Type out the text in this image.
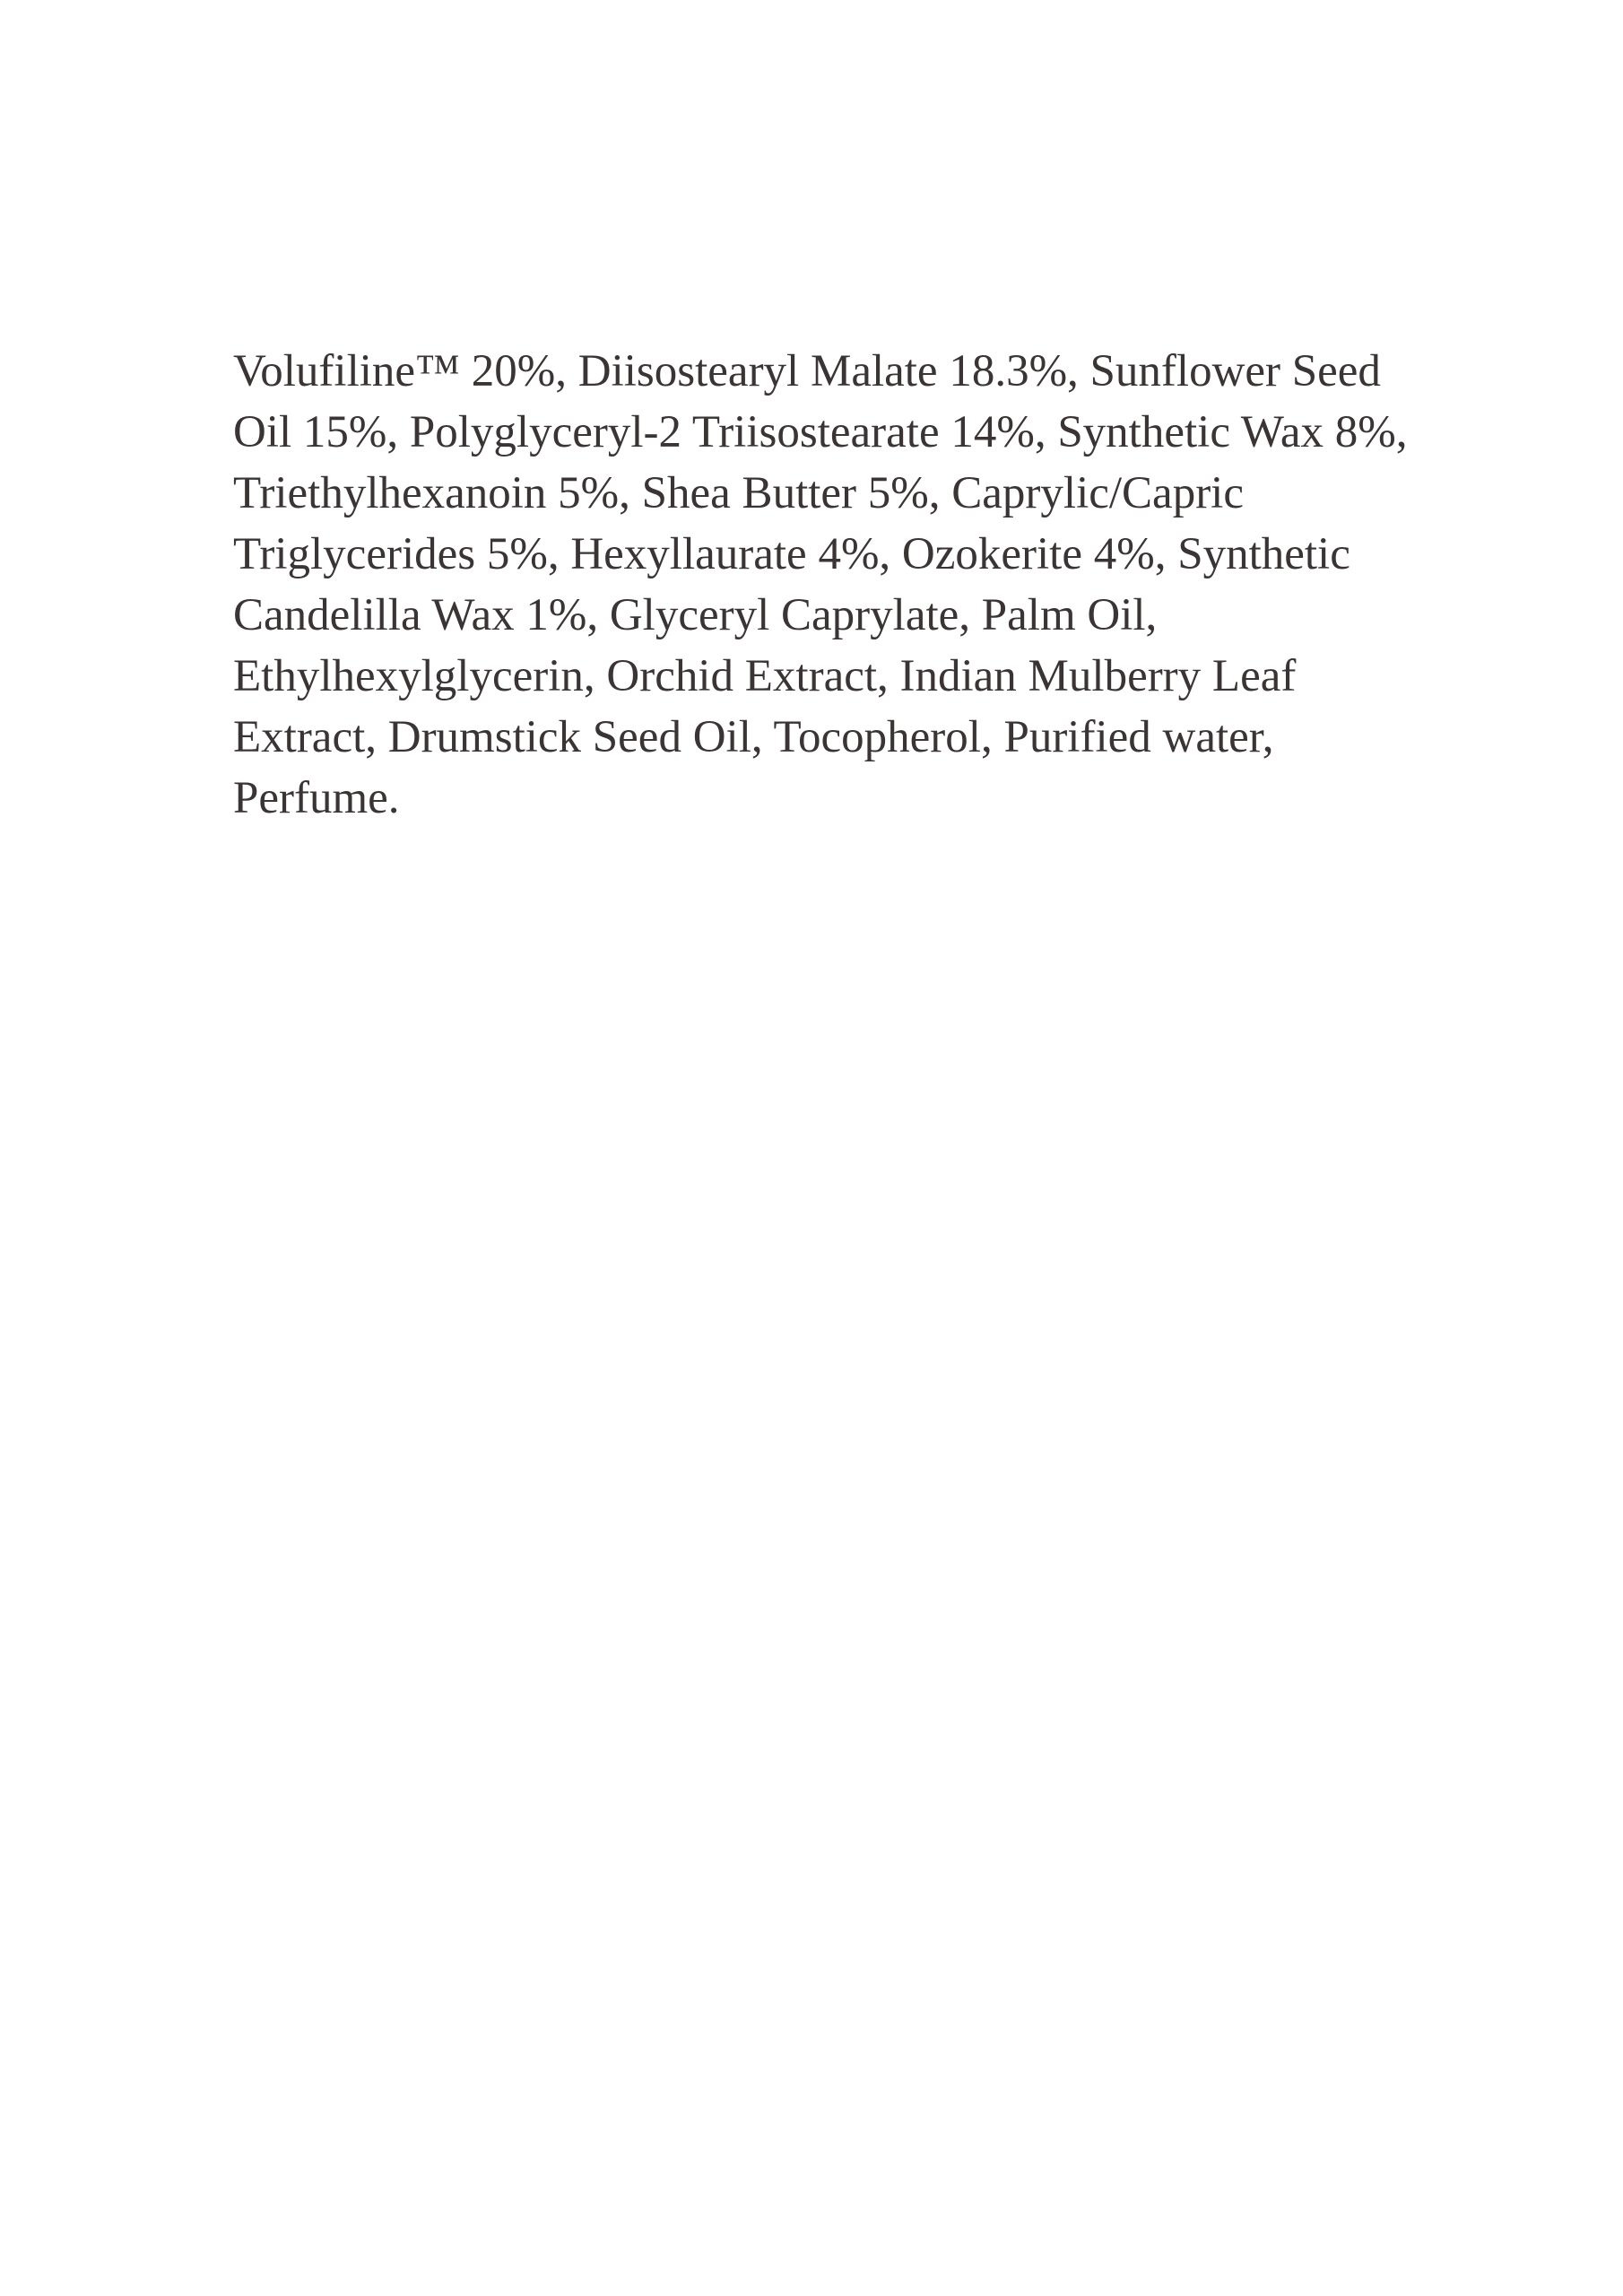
Volufiline™ 20%, Diisostearyl Malate 18.3%, Sunflower Seed
Oil 15%, Polyglyceryl-2 Triisostearate 14%, Synthetic Wax 8%,
Triethylhexanoin 5%, Shea Butter 5%, Caprylic/Capric
Triglycerides 5%, Hexyllaurate 4%, Ozokerite 4%, Synthetic
Candelilla Wax 1%, Glyceryl Caprylate, Palm Oil,
Ethylhexylglycerin, Orchid Extract, Indian Mulberry Leaf
Extract, Drumstick Seed Oil, Tocopherol, Purified water,
Perfume.
